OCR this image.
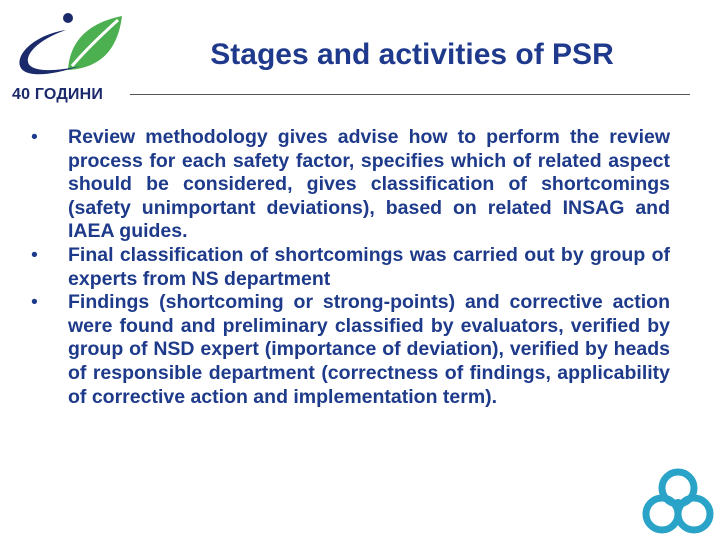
40 ГОДИНИ
Stages and activities of PSR
• Review methodology gives advise how to perform the review process for each safety factor, specifies which of related aspect should be considered, gives classification of shortcomings (safety unimportant deviations), based on related INSAG and IAEA guides.
• Final classification of shortcomings was carried out by group of experts from NS department
• Findings (shortcoming or strong-points) and corrective action were found and preliminary classified by evaluators, verified by group of NSD expert (importance of deviation), verified by heads of responsible department (correctness of findings, applicability of corrective action and implementation term).
